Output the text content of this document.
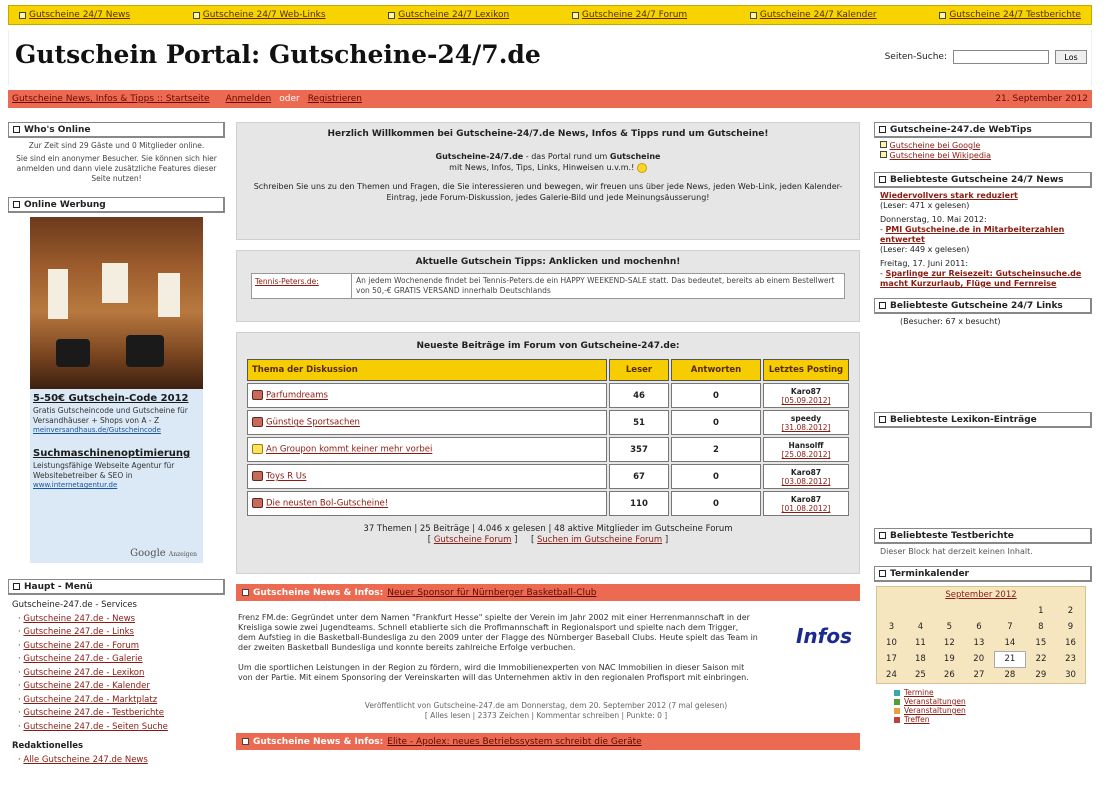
Gutscheine 24/7 News	Gutscheine 24/7 Web-Links	Gutscheine 24/7 Lexikon	Gutscheine 24/7 Forum	Gutscheine 24/7 Kalender	Gutscheine 24/7 Testberichte
Gutschein Portal: Gutscheine-24/7.de	Seiten-Suche:	Los
Gutscheine News, Infos & Tipps :: Startseite Anmelden oder Registrieren	21. September 2012
Who's Online
Zur Zeit sind 29 Gäste und 0 Mitglieder online.
Sie sind ein anonymer Besucher. Sie können sich hier anmelden und dann viele zusätzliche Features dieser Seite nutzen!
Online Werbung
5-50€ Gutschein-Code 2012
Gratis Gutscheincode und Gutscheine für Versandhäuser + Shops von A - Z
meinversandhaus.de/Gutscheincode
Suchmaschinenoptimierung
Leistungsfähige Webseite Agentur für Websitebetreiber & SEO in
www.internetagentur.de
Google Anzeigen
Haupt - Menü
Gutscheine-247.de - Services
· Gutscheine 247.de - News
· Gutscheine 247.de - Links
· Gutscheine 247.de - Forum
· Gutscheine 247.de - Galerie
· Gutscheine 247.de - Lexikon
· Gutscheine 247.de - Kalender
· Gutscheine 247.de - Marktplatz
· Gutscheine 247.de - Testberichte
· Gutscheine 247.de - Seiten Suche
Redaktionelles
· Alle Gutscheine 247.de News
Herzlich Willkommen bei Gutscheine-24/7.de News, Infos & Tipps rund um Gutscheine!

Gutscheine-24/7.de - das Portal rund um Gutscheine

mit News, Infos, Tips, Links, Hinweisen u.v.m.!

Schreiben Sie uns zu den Themen und Fragen, die Sie interessieren und bewegen, wir freuen uns über jede News, jeden Web-Link, jeden Kalender-Eintrag, jede Forum-Diskussion, jedes Galerie-Bild und jede Meinungsäusserung!

Aktuelle Gutschein Tipps: Anklicken und mochenhn!
Tennis-Peters.de:	An jedem Wochenende findet bei Tennis-Peters.de ein HAPPY WEEKEND-SALE statt. Das bedeutet, bereits ab einem Bestellwert von 50,-€ GRATIS VERSAND innerhalb Deutschlands
Neueste Beiträge im Forum von Gutscheine-247.de:
Thema der Diskussion	Leser	Antworten	Letztes Posting
Parfumdreams	46	0	Karo87
[05.09.2012]

Günstige Sportsachen	51	0	speedy
[31.08.2012]

An Groupon kommt keiner mehr vorbei	357	2	Hansolff
[25.08.2012]

Toys R Us	67	0	Karo87
[03.08.2012]

Die neusten Bol-Gutscheine!	110	0	Karo87
[01.08.2012]
37 Themen | 25 Beiträge | 4.046 x gelesen | 48 aktive Mitglieder im Gutscheine Forum
[ Gutscheine Forum ]     [ Suchen im Gutscheine Forum ]
Gutscheine News & Infos: Neuer Sponsor für Nürnberger Basketball-Club
Frenz FM.de: Gegründet unter dem Namen "Frankfurt Hesse" spielte der Verein im Jahr 2002 mit einer Herrenmannschaft in der Kreisliga sowie zwei Jugendteams. Schnell etablierte sich die Profimannschaft in Regionalsport und spielte nach dem Trigger, dem Aufstieg in die Basketball-Bundesliga zu den 2009 unter der Flagge des Nürnberger Baseball Clubs. Heute spielt das Team in der zweiten Basketball Bundesliga und konnte bereits zahlreiche Erfolge verbuchen.
Um die sportlichen Leistungen in der Region zu fördern, wird die Immobilienexperten von NAC Immobilien in dieser Saison mit von der Partie. Mit einem Sponsoring der Vereinskarten will das Unternehmen aktiv in den regionalen Profisport mit einbringen.
Infos
Veröffentlicht von Gutscheine-247.de am Donnerstag, dem 20. September 2012 (7 mal gelesen)
[ Alles lesen | 2373 Zeichen | Kommentar schreiben | Punkte: 0 ]
Gutscheine News & Infos: Elite - Apolex: neues Betriebssystem schreibt die Geräte
Gutscheine-247.de WebTips
Gutscheine bei Google
Gutscheine bei Wikipedia
Beliebteste Gutscheine 24/7 News
Wiedervollvers stark reduziert
(Leser: 471 x gelesen)
Donnerstag, 10. Mai 2012:
- PMI Gutscheine.de in Mitarbeiterzahlen entwertet
(Leser: 449 x gelesen)
Freitag, 17. Juni 2011:
- Sparlinge zur Reisezeit: Gutscheinsuche.de macht Kurzurlaub, Flüge und Fernreise
Beliebteste Gutscheine 24/7 Links
(Besucher: 67 x besucht)
Beliebteste Lexikon-Einträge
Beliebteste Testberichte
Dieser Block hat derzeit keinen Inhalt.
Terminkalender
September 2012
					1	2
3	4	5	6	7	8	9
10	11	12	13	14	15	16
17	18	19	20	21	22	23
24	25	26	27	28	29	30
Termine
Veranstaltungen
Veranstaltungen
Treffen
